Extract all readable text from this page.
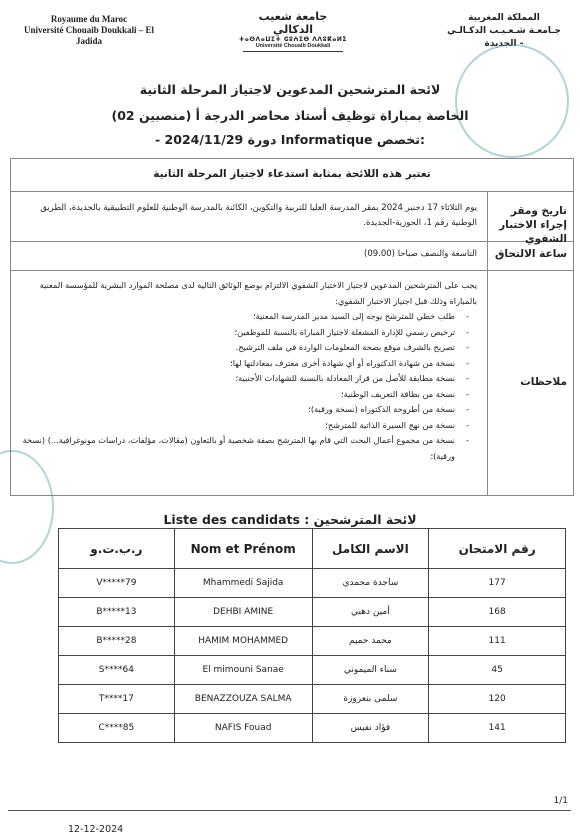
Royaume du Maroc
Université Chouaib Doukkali – El Jadida
جامعة شعيب الدكالي
ⵜⴰⵙⴷⴰⵡⵉⵜ ⵛⵓⵄⵉⴱ ⴷⴷⵓⴽⴰⵍⵉ
Université Chouaib Doukkali
المملكة المغربية
جـامعـة شـعـيـب الدكـالـي - الجديدة
لائحة المترشحين المدعوين لاجتياز المرحلة الثانية
الخاصة بمباراة توظيف أستاذ محاضر الدرجة أ (منصبين 02)
- دورة 2024/11/29 Informatique تخصص:
تعتبر هذه اللائحة بمثابة استدعاء لاجتياز المرحلة الثانية
تاريخ ومقر إجراء الاختبار الشفوي
يوم الثلاثاء 17 دجنبر 2024 بمقر المدرسة العليا للتربية والتكوين، الكائنة بالمدرسة الوطنية للعلوم التطبيقية بالجديدة، الطريق الوطنية رقم 1، الحوزية-الجديدة.
ساعة الالتحاق
التاسعة والنصف صباحا (09.00)
ملاحظات
يجب على المترشحين المدعوين لاجتياز الاختبار الشفوي الالتزام بوضع الوثائق التالية لدى مصلحة الموارد البشرية للمؤسسة المعنية بالمباراة وذلك قبل اجتياز الاختبار الشفوي:
- طلب خطي للمترشح يوجه إلى السيد مدير المدرسة المعنية؛
- ترخيص رسمي للإدارة المشغلة لاجتياز المباراة بالنسبة للموظفين؛
- تصريح بالشرف موقع بصحة المعلومات الواردة في ملف الترشيح.
- نسخة من شهادة الدكتوراه أو أي شهادة أخرى معترف بمعادلتها لها؛
- نسخة مطابقة للأصل من قرار المعادلة بالنسبة للشهادات الأجنبية؛
- نسخة من بطاقة التعريف الوطنية؛
- نسخة من أطروحة الدكتوراه (نسخة ورقية)؛
- نسخة من نهج السيرة الذاتية للمترشح؛
- نسخة من مجموع أعمال البحث التي قام بها المترشح بصفة شخصية أو بالتعاون (مقالات، مؤلفات، دراسات مونوغرافية...) (نسخة ورقية)؛
Liste des candidats : لائحة المترشحين
ر.ب.ت.و	Nom et Prénom	الاسم الكامل	رقم الامتحان
V*****79	Mhammedi Sajida	ساجدة محمدي	177
B*****13	DEHBI AMINE	أمين دهبي	168
B*****28	HAMIM MOHAMMED	محمد حميم	111
S****64	El mimouni Sanae	سناء الميموني	45
T****17	BENAZZOUZA SALMA	سلمى بنعزوزة	120
C****85	NAFIS Fouad	فؤاد نفيس	141
1/1
12-12-2024
